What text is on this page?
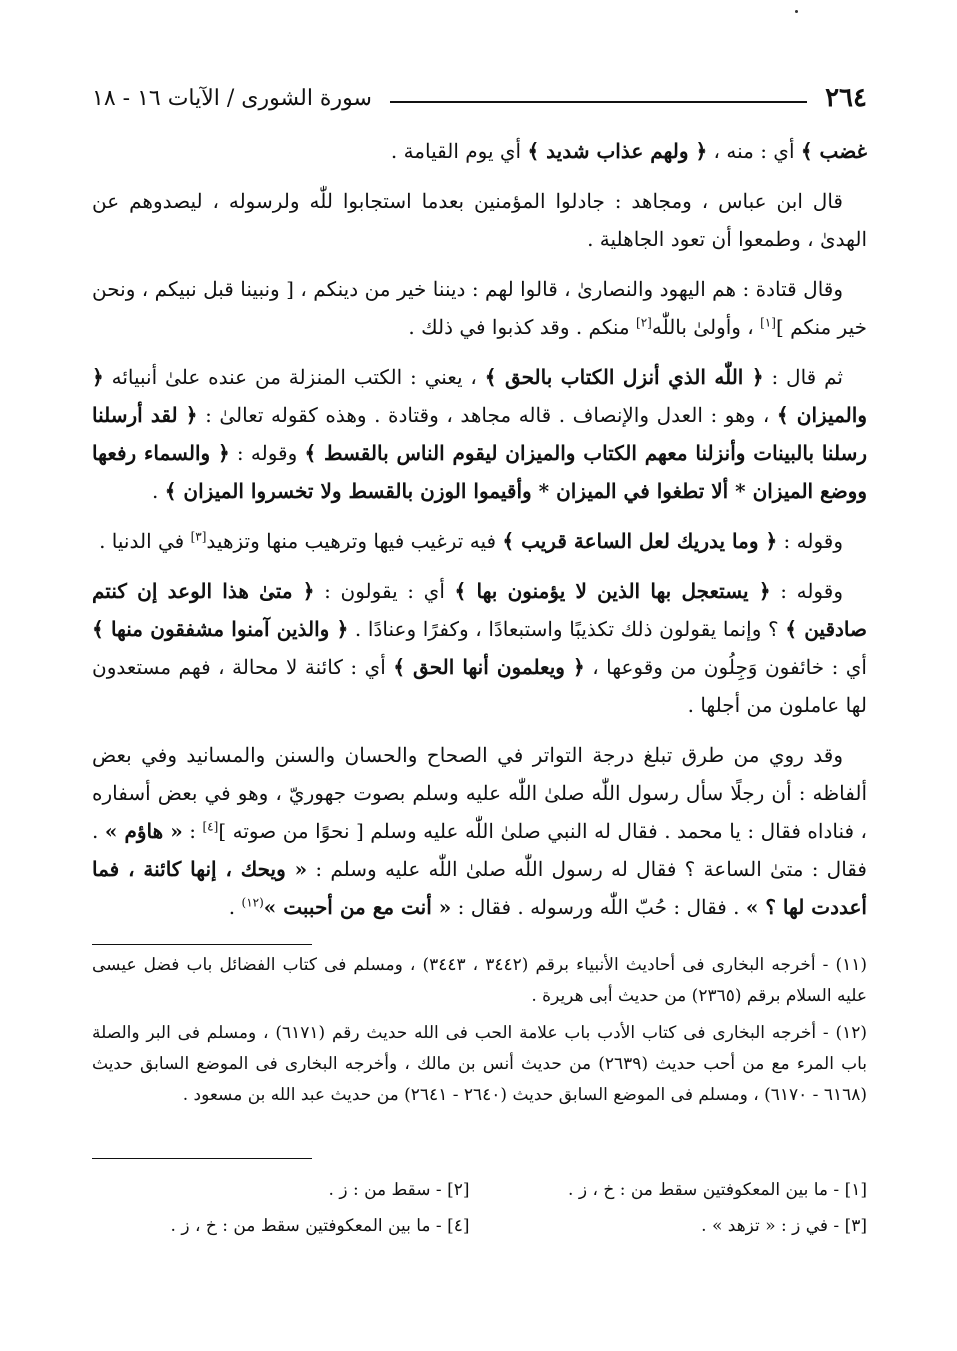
٢٦٤
سورة الشورى / الآيات ١٦ - ١٨

غضب ﴾ أي : منه ، ﴿ ولهم عذاب شديد ﴾ أي يوم القيامة .

قال ابن عباس ، ومجاهد : جادلوا المؤمنين بعدما استجابوا للّٰه ولرسوله ، ليصدوهم عن الهدىٰ ، وطمعوا أن تعود الجاهلية .

وقال قتادة : هم اليهود والنصارىٰ ، قالوا لهم : ديننا خير من دينكم ، [ ونبينا قبل نبيكم ، ونحن خير منكم ][١] ، وأولىٰ باللّٰه[٢] منكم . وقد كذبوا في ذلك .

ثم قال : ﴿ اللّٰه الذي أنزل الكتاب بالحق ﴾ ، يعني : الكتب المنزلة من عنده علىٰ أنبيائه ﴿ والميزان ﴾ ، وهو : العدل والإنصاف . قاله مجاهد ، وقتادة . وهذه كقوله تعالىٰ : ﴿ لقد أرسلنا رسلنا بالبينات وأنزلنا معهم الكتاب والميزان ليقوم الناس بالقسط ﴾ وقوله : ﴿ والسماء رفعها ووضع الميزان * ألا تطغوا في الميزان * وأقيموا الوزن بالقسط ولا تخسروا الميزان ﴾ .

وقوله : ﴿ وما يدريك لعل الساعة قريب ﴾ فيه ترغيب فيها وترهيب منها وتزهيد[٣] في الدنيا .

وقوله : ﴿ يستعجل بها الذين لا يؤمنون بها ﴾ أي : يقولون : ﴿ متىٰ هذا الوعد إن كنتم صادقين ﴾ ؟ وإنما يقولون ذلك تكذيبًا واستبعادًا ، وكفرًا وعنادًا . ﴿ والذين آمنوا مشفقون منها ﴾ أي : خائفون وَجِلُون من وقوعها ، ﴿ ويعلمون أنها الحق ﴾ أي : كائنة لا محالة ، فهم مستعدون لها عاملون من أجلها .

وقد روي من طرق تبلغ درجة التواتر في الصحاح والحسان والسنن والمسانيد وفي بعض ألفاظه : أن رجلًا سأل رسول اللّٰه صلىٰ اللّٰه عليه وسلم بصوت جهوريّ ، وهو في بعض أسفاره ، فناداه فقال : يا محمد . فقال له النبي صلىٰ اللّٰه عليه وسلم [ نحوًا من صوته ][٤] : « هاؤم » . فقال : متىٰ الساعة ؟ فقال له رسول اللّٰه صلىٰ اللّٰه عليه وسلم : « ويحك ، إنها كائنة ، فما أعددت لها ؟ » . فقال : حُبّ اللّٰه ورسوله . فقال : « أنت مع من أحببت »$^{(١٢)}$ .

(١١) - أخرجه البخارى فى أحاديث الأنبياء برقم (٣٤٤٢ ، ٣٤٤٣) ، ومسلم فى كتاب الفضائل باب فضل عيسى عليه السلام برقم (٢٣٦٥) من حديث أبى هريرة .

(١٢) - أخرجه البخارى فى كتاب الأدب باب علامة الحب فى الله حديث رقم (٦١٧١) ، ومسلم فى البر والصلة باب المرء مع من أحب حديث (٢٦٣٩) من حديث أنس بن مالك ، وأخرجه البخارى فى الموضع السابق حديث (٦١٦٨ - ٦١٧٠) ، ومسلم فى الموضع السابق حديث (٢٦٤٠ - ٢٦٤١) من حديث عبد الله بن مسعود .

[١] - ما بين المعكوفتين سقط من : خ ، ز .
[٢] - سقط من : ز .
[٣] - في ز : « تزهد » .
[٤] - ما بين المعكوفتين سقط من : خ ، ز .
